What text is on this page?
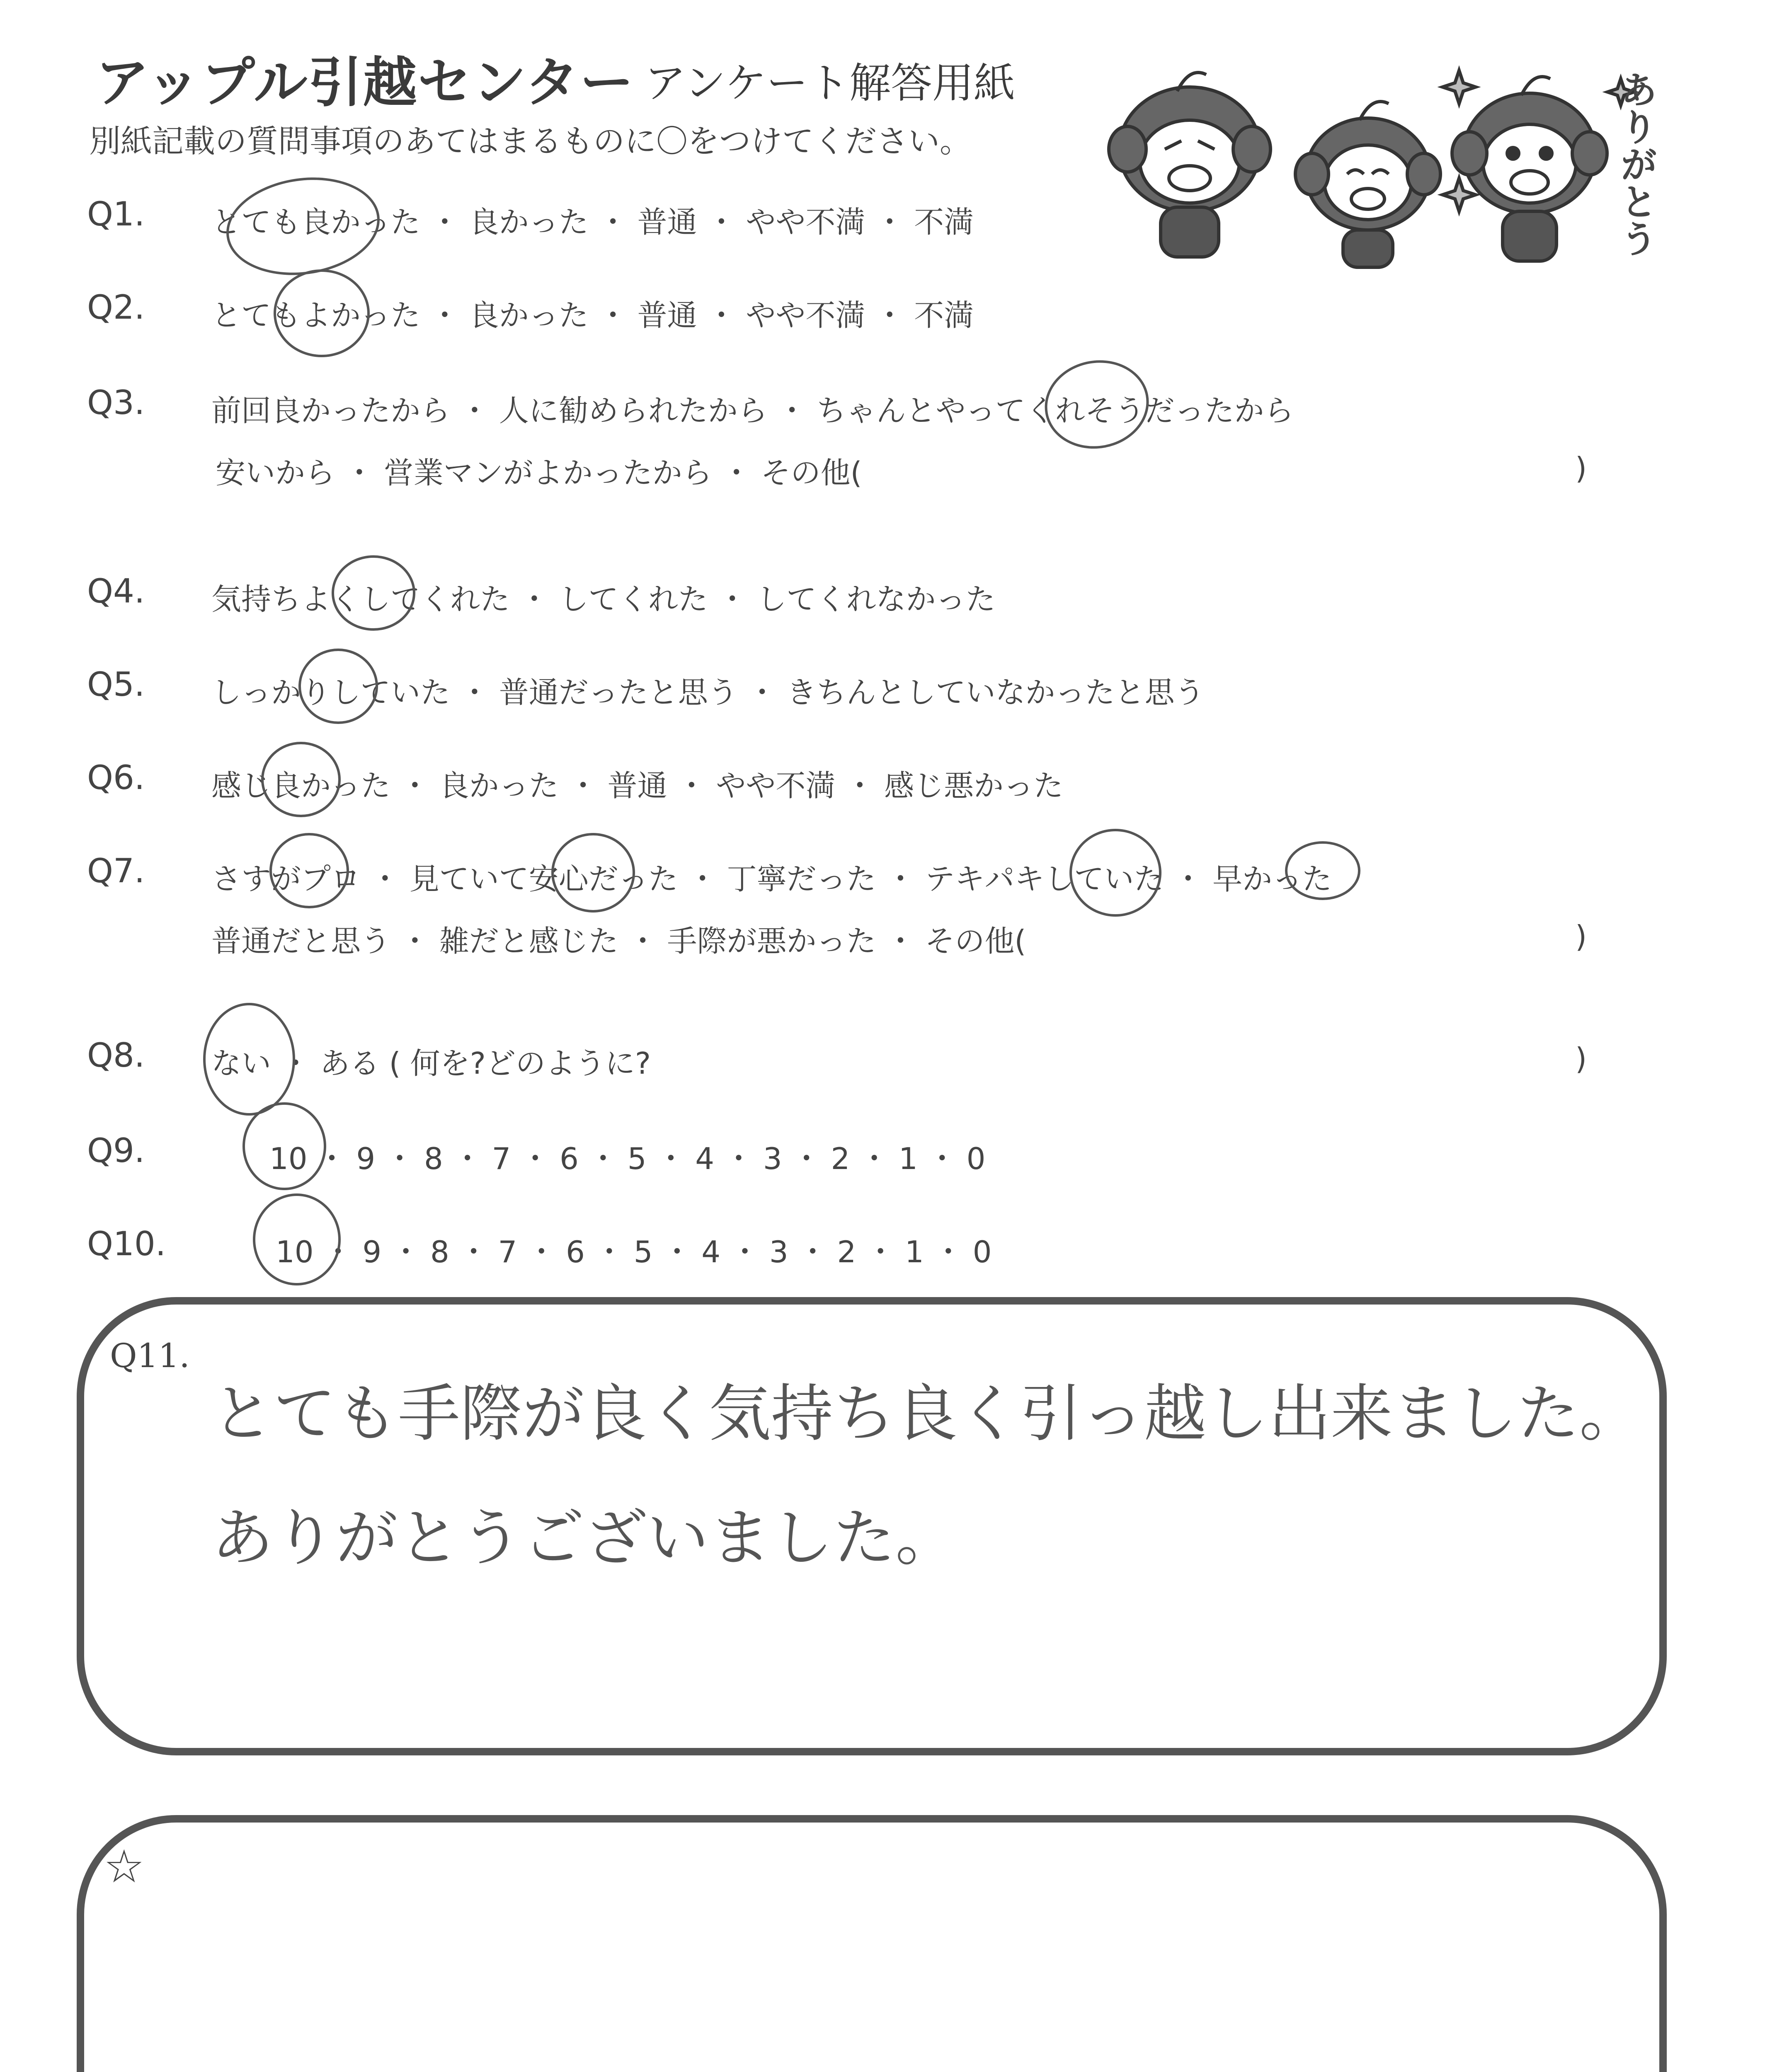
アップル引越センター アンケート解答用紙
別紙記載の質問事項のあてはまるものに〇をつけてください。	ありがとう
Q1. とても良かった ・ 良かった ・ 普通 ・ やや不満 ・ 不満
Q2. とてもよかった ・ 良かった ・ 普通 ・ やや不満 ・ 不満
Q3. 前回良かったから ・ 人に勧められたから ・ ちゃんとやってくれそうだったから
安いから ・ 営業マンがよかったから ・ その他(	)
Q4. 気持ちよくしてくれた ・ してくれた ・ してくれなかった
Q5. しっかりしていた ・ 普通だったと思う ・ きちんとしていなかったと思う
Q6. 感じ良かった ・ 良かった ・ 普通 ・ やや不満 ・ 感じ悪かった
Q7. さすがプロ ・ 見ていて安心だった ・ 丁寧だった ・ テキパキしていた ・ 早かった
普通だと思う ・ 雑だと感じた ・ 手際が悪かった ・ その他(	)
Q8. ない ・ ある ( 何を?どのように?	)
Q9.	10 ・ 9 ・ 8 ・ 7 ・ 6 ・ 5 ・ 4 ・ 3 ・ 2 ・ 1 ・ 0
Q10.	10 ・ 9 ・ 8 ・ 7 ・ 6 ・ 5 ・ 4 ・ 3 ・ 2 ・ 1 ・ 0
Q11.
とても手際が良く気持ち良く引っ越し出来ました。
ありがとうございました。
☆
